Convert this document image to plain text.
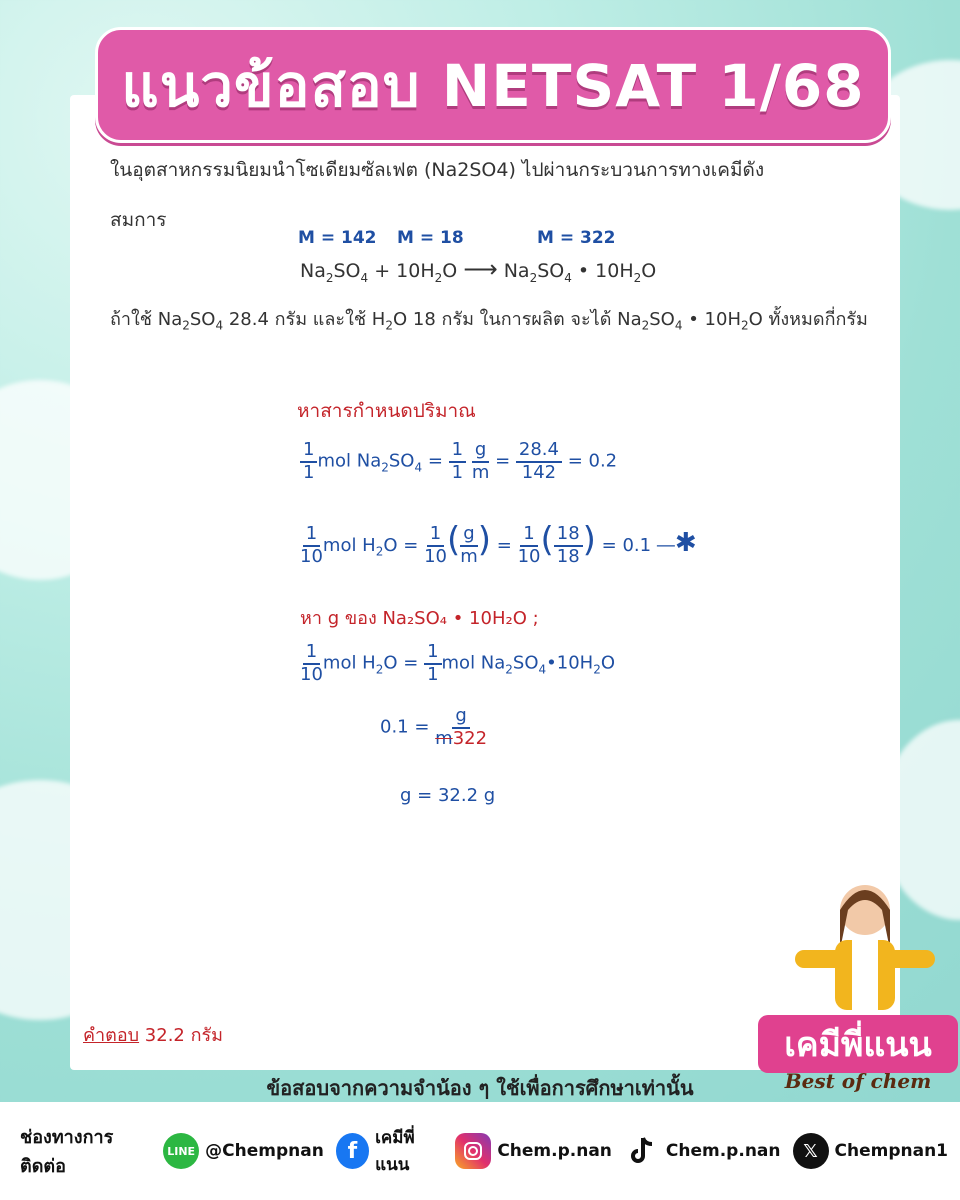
แนวข้อสอบ NETSAT 1/68
ในอุตสาหกรรมนิยมนำโซเดียมซัลเฟต (Na2SO4) ไปผ่านกระบวนการทางเคมีดัง
สมการ
M = 142 M = 18	M = 322
$Na_2SO_4 + 10H_2O$ ⟶ $Na_2SO_4$ • $10H_2O$
ถ้าใช้ $Na_2SO_4$ 28.4 กรัม และใช้ $H_2O$ 18 กรัม ในการผลิต จะได้ $Na_2SO_4$ • $10H_2O$ ทั้งหมดกี่กรัม
หาสารกำหนดปริมาณ
$\frac{1}{1}$ mol $Na_2SO_4 = \frac{1}{1}$
$\frac{g}{m} = \frac{28.4}{142} = 0.2$
$\frac{1}{10}$ mol $H_2O = \frac{1}{10}$ ( $\frac{g}{m}$ ) = $\frac{1}{10}$ ( $\frac{18}{18}$ ) = 0.1 ―✱
หา g ของ Na₂SO₄ • 10H₂O ;
$\frac{1}{10}$ mol $H_2O = \frac{1}{1}$ mol $Na_2SO_4•10H_2O$
$0.1 = \frac{g}{m322}$
g = 32.2 g
คำตอบ 32.2 กรัม	เคมีพี่แนน
Best of chem
ข้อสอบจากความจำน้อง ๆ ใช้เพื่อการศึกษาเท่านั้น
ช่องทางการติดต่อ
LINE @Chempnan	f
เคมีพี่แนน
Chem.p.nan	Chem.p.nan	𝕏 Chempnan1
